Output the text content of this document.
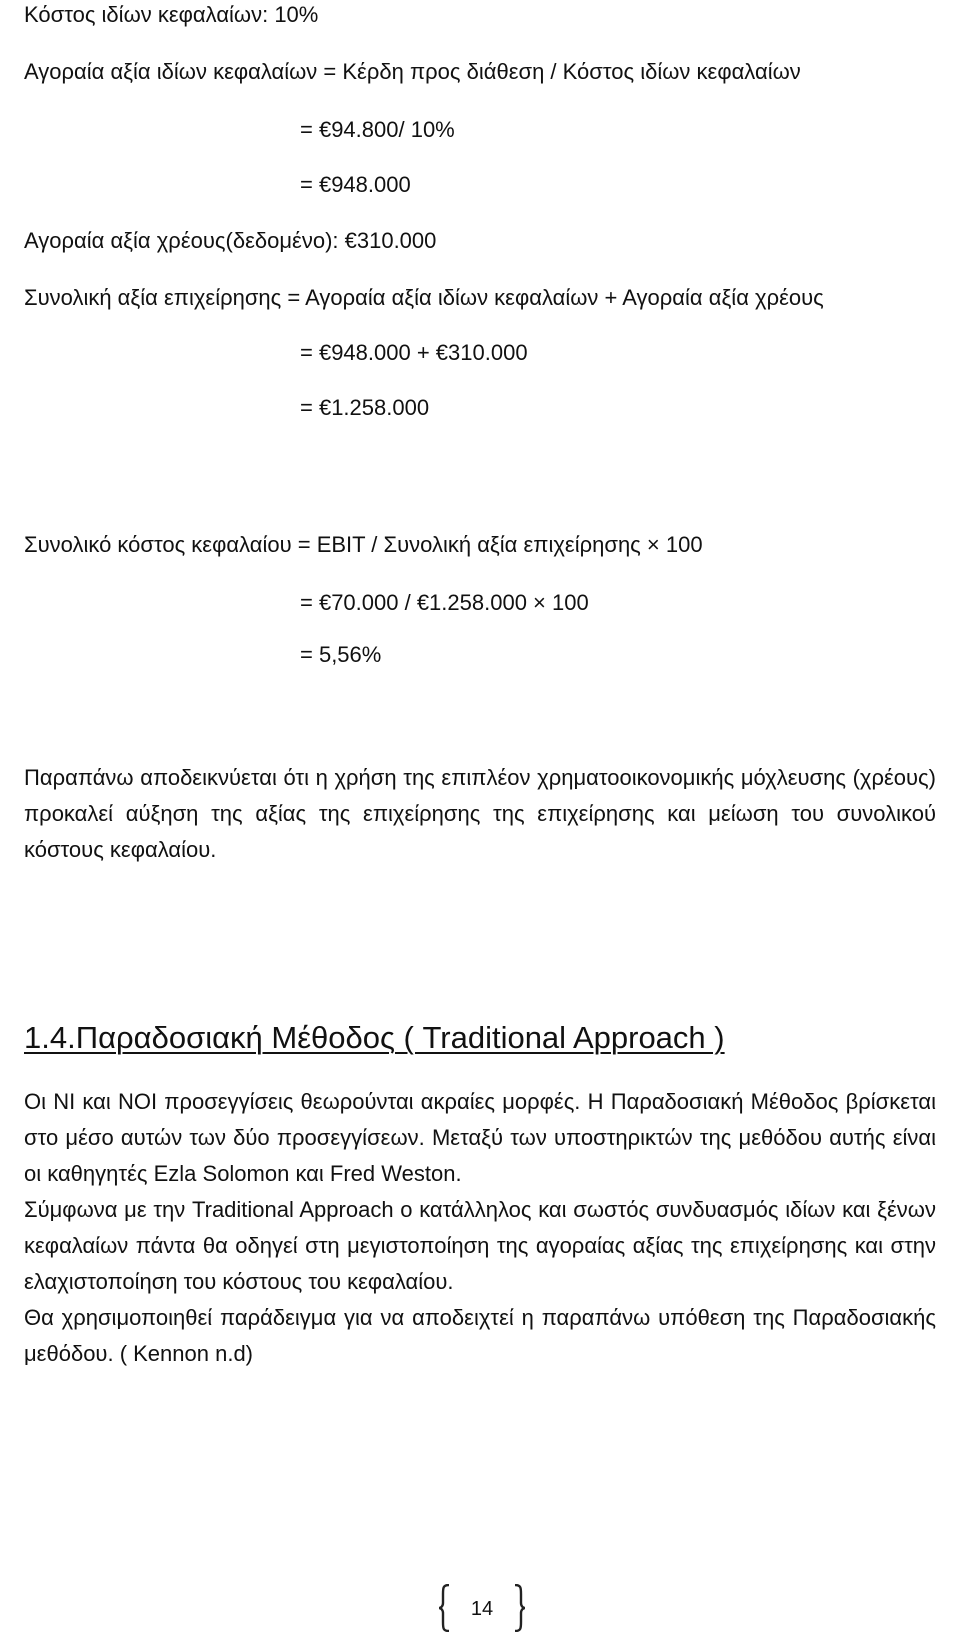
Κόστος ιδίων κεφαλαίων: 10%
Αγοραία αξία ιδίων κεφαλαίων = Κέρδη προς διάθεση / Κόστος ιδίων κεφαλαίων
= €94.800/ 10%
= €948.000
Αγοραία αξία χρέους(δεδομένο): €310.000
Συνολική αξία επιχείρησης = Αγοραία αξία ιδίων κεφαλαίων + Αγοραία αξία χρέους
= €948.000 + €310.000
= €1.258.000
Συνολικό κόστος κεφαλαίου = EBIT / Συνολική αξία επιχείρησης × 100
= €70.000 / €1.258.000 × 100
= 5,56%

Παραπάνω αποδεικνύεται ότι η χρήση της επιπλέον χρηματοοικονομικής μόχλευσης (χρέους) προκαλεί αύξηση της αξίας της επιχείρησης της επιχείρησης και μείωση του συνολικού κόστους κεφαλαίου.

1.4.Παραδοσιακή Μέθοδος ( Traditional Approach )

Οι NI και NOI προσεγγίσεις θεωρούνται ακραίες μορφές. Η Παραδοσιακή Μέθοδος βρίσκεται στο μέσο αυτών των δύο προσεγγίσεων. Μεταξύ των υποστηρικτών της μεθόδου αυτής είναι οι καθηγητές Ezla Solomon και Fred Weston.

Σύμφωνα με την Traditional Approach ο κατάλληλος και σωστός συνδυασμός ιδίων και ξένων κεφαλαίων πάντα θα οδηγεί στη μεγιστοποίηση της αγοραίας αξίας της επιχείρησης και στην ελαχιστοποίηση του κόστους του κεφαλαίου.

Θα χρησιμοποιηθεί παράδειγμα για να αποδειχτεί η παραπάνω υπόθεση της Παραδοσιακής μεθόδου. ( Kennon n.d)

14
